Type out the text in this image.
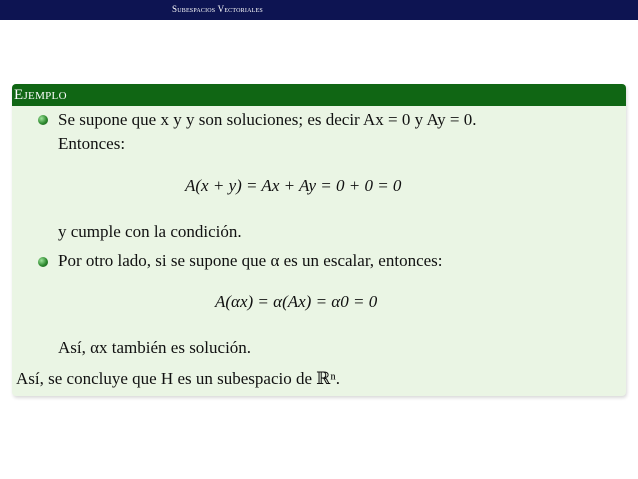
Subespacios Vectoriales
Ejemplo
Se supone que x y y son soluciones; es decir Ax = 0 y Ay = 0.
Entonces:
A(x + y) = Ax + Ay = 0 + 0 = 0
y cumple con la condición.
Por otro lado, si se supone que α es un escalar, entonces:
A(αx) = α(Ax) = α0 = 0
Así, αx también es solución.
Así, se concluye que H es un subespacio de ℝⁿ.
